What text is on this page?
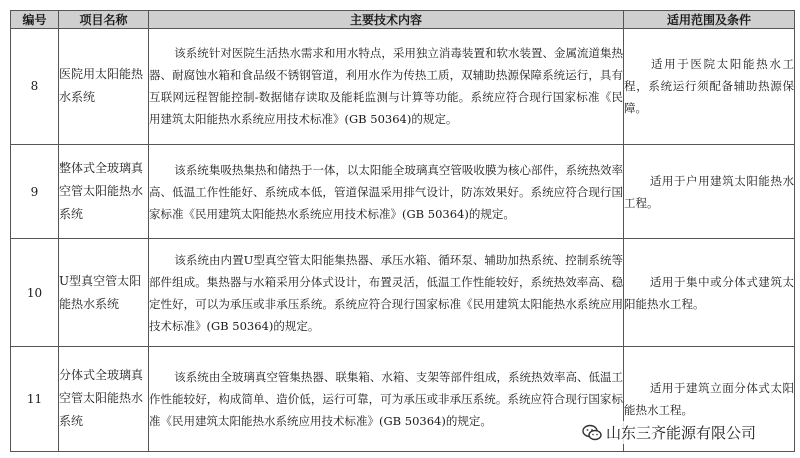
编号	项目名称	主要技术内容	适用范围及条件
8	医院用太阳能热水系统	该系统针对医院生活热水需求和用水特点，采用独立消毒装置和软水装置、金属流道集热器、耐腐蚀水箱和食品级不锈钢管道，利用水作为传热工质，双辅助热源保障系统运行，具有互联网远程智能控制-数据储存读取及能耗监测与计算等功能。系统应符合现行国家标准《民用建筑太阳能热水系统应用技术标准》(GB 50364)的规定。	适用于医院太阳能热水工程，系统运行须配备辅助热源保障。
9	整体式全玻璃真空管太阳能热水系统	该系统集吸热集热和储热于一体，以太阳能全玻璃真空管吸收膜为核心部件，系统热效率高、低温工作性能好、系统成本低，管道保温采用排气设计，防冻效果好。系统应符合现行国家标准《民用建筑太阳能热水系统应用技术标准》(GB 50364)的规定。	适用于户用建筑太阳能热水工程。
10	U型真空管太阳能热水系统	该系统由内置U型真空管太阳能集热器、承压水箱、循环泵、辅助加热系统、控制系统等部件组成。集热器与水箱采用分体式设计，布置灵活，低温工作性能较好，系统热效率高、稳定性好，可以为承压或非承压系统。系统应符合现行国家标准《民用建筑太阳能热水系统应用技术标准》(GB 50364)的规定。	适用于集中或分体式建筑太阳能热水工程。
11	分体式全玻璃真空管太阳能热水系统	该系统由全玻璃真空管集热器、联集箱、水箱、支架等部件组成，系统热效率高、低温工作性能较好，构成简单、造价低，运行可靠，可为承压或非承压系统。系统应符合现行国家标准《民用建筑太阳能热水系统应用技术标准》(GB 50364)的规定。	适用于建筑立面分体式太阳能热水工程。
山东三齐能源有限公司
